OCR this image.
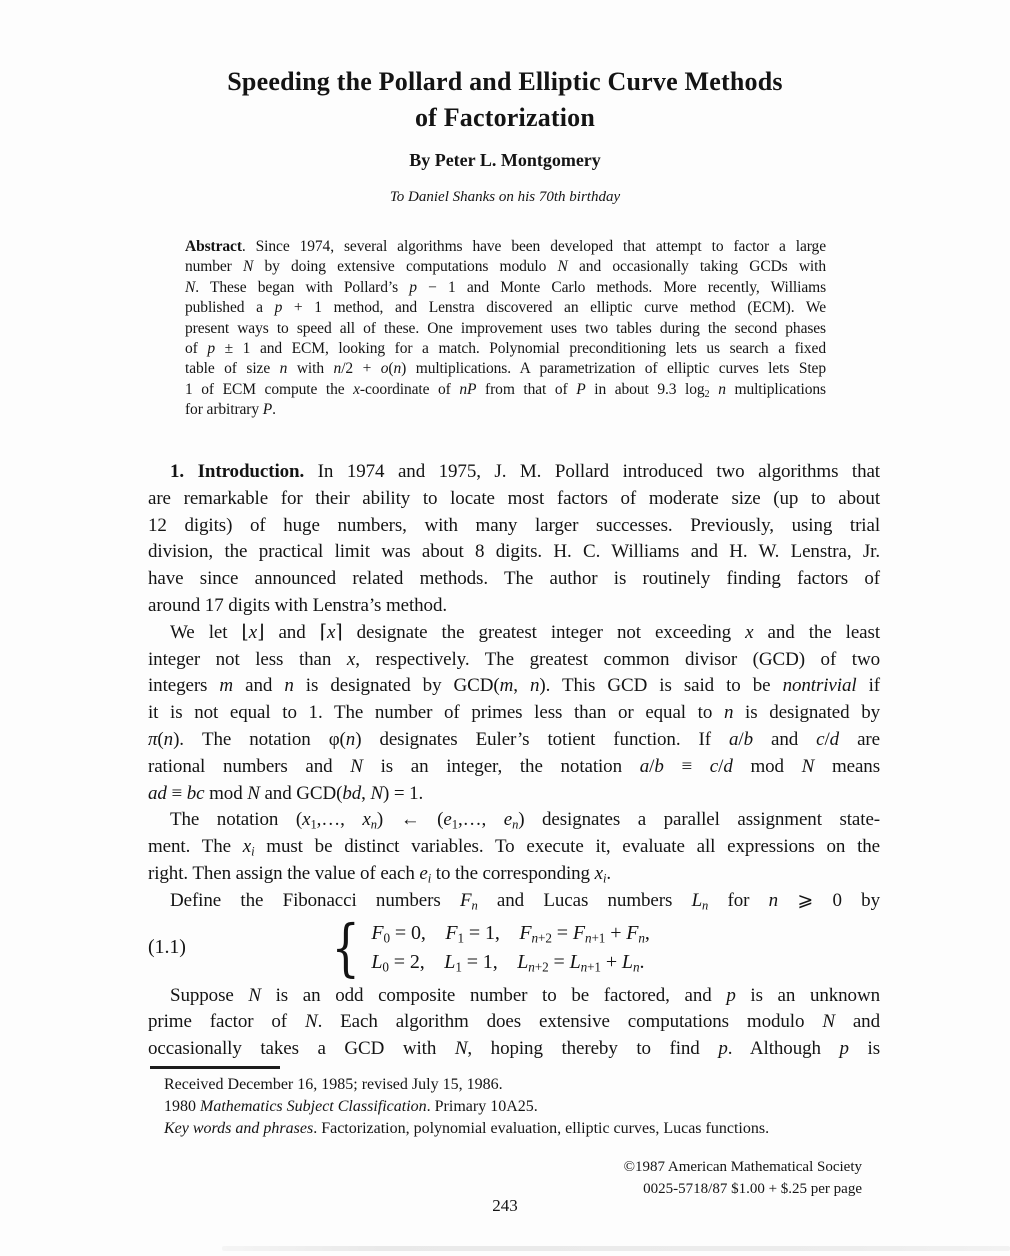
Speeding the Pollard and Elliptic Curve Methods
of Factorization
By Peter L. Montgomery
To Daniel Shanks on his 70th birthday
Abstract. Since 1974, several algorithms have been developed that attempt to factor a large
number N by doing extensive computations modulo N and occasionally taking GCDs with
N. These began with Pollard’s p − 1 and Monte Carlo methods. More recently, Williams
published a p + 1 method, and Lenstra discovered an elliptic curve method (ECM). We
present ways to speed all of these. One improvement uses two tables during the second phases
of p ± 1 and ECM, looking for a match. Polynomial preconditioning lets us search a fixed
table of size n with n/2 + o(n) multiplications. A parametrization of elliptic curves lets Step
1 of ECM compute the x-coordinate of nP from that of P in about 9.3 $\log_2 n$ multiplications
for arbitrary P.
1. Introduction. In 1974 and 1975, J. M. Pollard introduced two algorithms that
are remarkable for their ability to locate most factors of moderate size (up to about
12 digits) of huge numbers, with many larger successes. Previously, using trial
division, the practical limit was about 8 digits. H. C. Williams and H. W. Lenstra, Jr.
have since announced related methods. The author is routinely finding factors of
around 17 digits with Lenstra’s method.
We let ⌊x⌋ and ⌈x⌉ designate the greatest integer not exceeding x and the least
integer not less than x, respectively. The greatest common divisor (GCD) of two
integers m and n is designated by GCD(m, n). This GCD is said to be nontrivial if
it is not equal to 1. The number of primes less than or equal to n is designated by
π(n). The notation φ(n) designates Euler’s totient function. If a/b and c/d are
rational numbers and N is an integer, the notation a/b ≡ c/d mod N means
ad ≡ bc mod N and GCD(bd, N) = 1.
The notation ($x_1,\dots$, $x_n$) ← ($e_1,\dots$, $e_n$) designates a parallel assignment state-
ment. The $x_i$ must be distinct variables. To execute it, evaluate all expressions on the
right. Then assign the value of each $e_i$ to the corresponding $x_i$.
Define the Fibonacci numbers $F_n$ and Lucas numbers $L_n$ for n ⩾ 0 by
(1.1)	{ $F_0 = 0$,    $F_1 = 1$,    $F_{n+2} = F_{n+1} + F_n$,
$L_0 = 2$,    $L_1 = 1$,    $L_{n+2} = L_{n+1} + L_n$.
Suppose N is an odd composite number to be factored, and p is an unknown
prime factor of N. Each algorithm does extensive computations modulo N and
occasionally takes a GCD with N, hoping thereby to find p. Although p is
Received December 16, 1985; revised July 15, 1986.
1980 Mathematics Subject Classification. Primary 10A25.
Key words and phrases. Factorization, polynomial evaluation, elliptic curves, Lucas functions.
©1987 American Mathematical Society
0025-5718/87 $1.00 + $.25 per page
243
